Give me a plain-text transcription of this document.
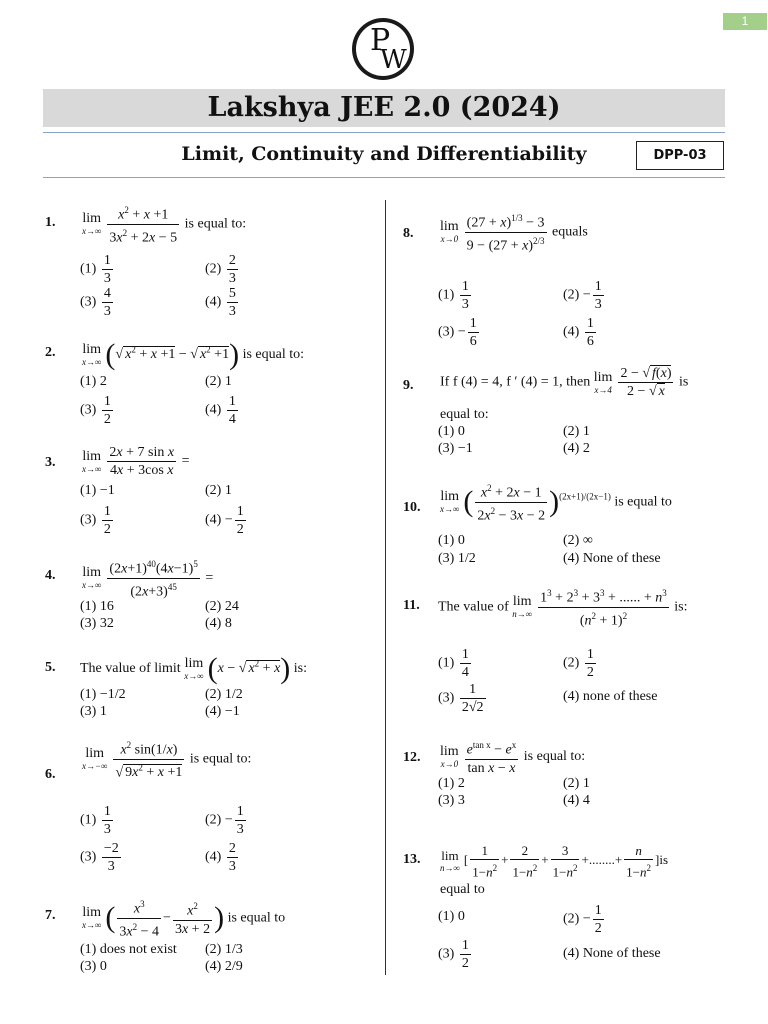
1
P
W
Lakshya JEE 2.0 (2024)
Limit, Continuity and Differentiability	DPP-03
1. lim
$x\to\infty \frac{x^2 + x +1}{3x^2 + 2x - 5}$ is equal to:
$(1) \frac{1}{3}$	$(2) \frac{2}{3}$
$(3) \frac{4}{3}$	$(4) \frac{5}{3}$
2. lim
x→∞ (√ $x^2 + x +1$ − √ $x^2 +1$) is equal to:
(1) 2	(2) 1
$(3) \frac{1}{2}$	$(4) \frac{1}{4}$
3. lim
$x\to\infty \frac{\text{2x + 7 sin x}}{\text{4x + 3cos x}}$ =
(1) −1	(2) 1
$(3) \frac{1}{2}$	$(4) - \frac{1}{2}$
4. lim
$x\to\infty \frac{(2x+1)^{40}(4x-1)^5}{(2x+3)^{45}}$ =
(1) 16	(2) 24
(3) 32	(4) 8
5. The value of limit lim
x→∞ (x − √ $x^2 + x$) is:
(1) −1/2	(2) 1/2
(3) 1	(4) −1
6.
lim
$x\to-\infty \frac{x^2 \sin(1/x)}{√ 9x^2 + x +1}$ is equal to:
$(1) \frac{1}{3}$	$(2) - \frac{1}{3}$
$(3) \frac{-2}{3}$	$(4) \frac{2}{3}$
7. lim
x→∞ ( $\frac{x^3}{3x^2 - 4} - \frac{x^2}{3x + 2}$ ) is equal to
(1) does not exist (2) 1/3
(3) 0	(4) 2/9
8. lim
$x\to 0 \frac{(27 + x)^{1/3} - 3}{9 - (27 + x)^{2/3}}$ equals
$(1) \frac{1}{3}$	$(2) - \frac{1}{3}$
$(3) - \frac{1}{6}$	$(4) \frac{1}{6}$
9. If f (4) = 4, f ′ (4) = 1, then lim
$x\to 4 \frac{2 - √ f(x)}{2 - √ x}$ is
equal to:
(1) 0	(2) 1
(3) −1	(4) 2
10.
lim
x→∞ ( $\frac{x^2 + 2x - 1}{2x^2 - 3x - 2} )^{(2x+1)/(2x-1)}$ is equal to
(1) 0	(2) ∞
(3) 1/2	(4) None of these
11. The value of lim
$n\to\infty \frac{1^3 + 2^3 + 3^3 + ...... + n^3}{(n^2 + 1)^2}$ is:
$(1) \frac{1}{4}$	$(2) \frac{1}{2}$
$(3) \frac{1}{2√2}$	(4) none of these
12. lim
$x\to 0 \frac{e^{tan x} - e^x}{\text{tan x − x}}$ is equal to:
(1) 2	(2) 1
(3) 3	(4) 4
13. lim
n→∞
[ $\frac{1}{1-n^2} + \frac{2}{1-n^2} + \frac{3}{1-n^2}$ +........+ $\frac{n}{1-n^2} ]is$
equal to
(1) 0	$(2) - \frac{1}{2}$
$(3) \frac{1}{2}$	(4) None of these
